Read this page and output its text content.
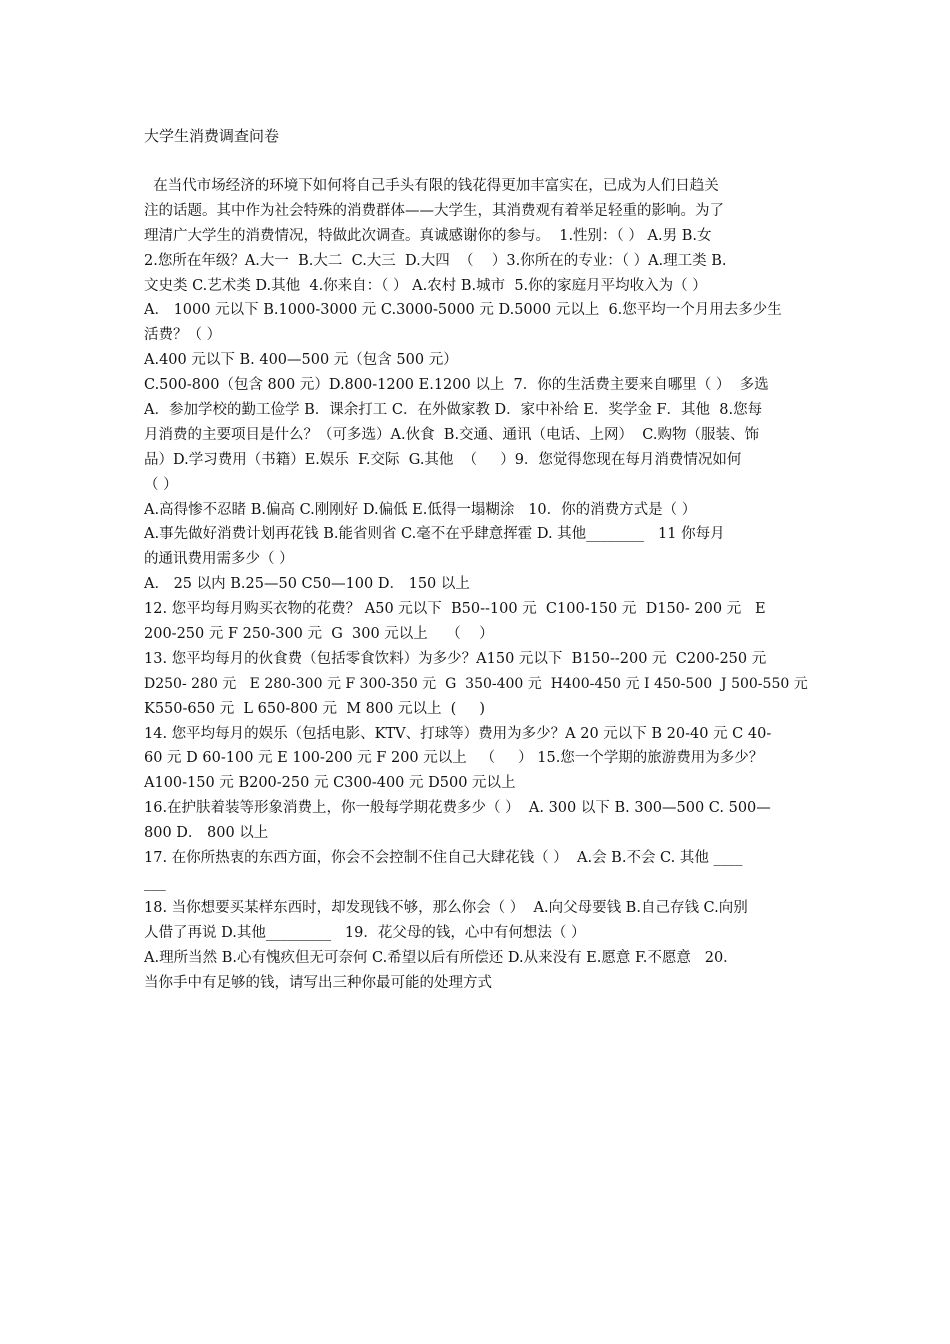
大学生消费调查问卷
在当代市场经济的环境下如何将自己手头有限的钱花得更加丰富实在，已成为人们日趋关
注的话题。其中作为社会特殊的消费群体——大学生，其消费观有着举足轻重的影响。为了
理清广大学生的消费情况，特做此次调查。真诚感谢你的参与。  1.性别：（ ） A.男 B.女
2.您所在年级？A.大一  B.大二  C.大三  D.大四  （    ）3.你所在的专业：（ ）A.理工类 B.
文史类 C.艺术类 D.其他  4.你来自：（ ） A.农村 B.城市  5.你的家庭月平均收入为（ ）
A． 1000 元以下 B.1000-3000 元 C.3000-5000 元 D.5000 元以上  6.您平均一个月用去多少生
活费？（ ）
A.400 元以下 B. 400—500 元（包含 500 元）
C.500-800（包含 800 元）D.800-1200 E.1200 以上  7．你的生活费主要来自哪里（ ）  多选
A．参加学校的勤工俭学 B．课余打工 C．在外做家教 D．家中补给 E．奖学金 F．其他  8.您每
月消费的主要项目是什么？（可多选）A.伙食  B.交通、通讯（电话、上网）  C.购物（服装、饰
品）D.学习费用（书籍）E.娱乐  F.交际  G.其他  （     ）9．您觉得您现在每月消费情况如何
（ ）
A.高得惨不忍睹 B.偏高 C.刚刚好 D.偏低 E.低得一塌糊涂   10．你的消费方式是（ ）
A.事先做好消费计划再花钱 B.能省则省 C.毫不在乎肆意挥霍 D. 其他________   11 你每月
的通讯费用需多少（ ）
A． 25 以内 B.25—50 C50—100 D． 150 以上
12. 您平均每月购买衣物的花费？ A50 元以下  B50--100 元  C100-150 元  D150- 200 元   E
200-250 元 F 250-300 元  G  300 元以上    （    ）
13. 您平均每月的伙食费（包括零食饮料）为多少？A150 元以下  B150--200 元  C200-250 元
D250- 280 元   E 280-300 元 F 300-350 元  G  350-400 元  H400-450 元 I 450-500  J 500-550 元
K550-650 元  L 650-800 元  M 800 元以上  (     )
14. 您平均每月的娱乐（包括电影、KTV、打球等）费用为多少？A 20 元以下 B 20-40 元 C 40-
60 元 D 60-100 元 E 100-200 元 F 200 元以上   （     ） 15.您一个学期的旅游费用为多少？
A100-150 元 B200-250 元 C300-400 元 D500 元以上
16.在护肤着装等形象消费上，你一般每学期花费多少（ ）  A. 300 以下 B. 300—500 C. 500—
800 D． 800 以上
17. 在你所热衷的东西方面，你会不会控制不住自己大肆花钱（ ）  A.会 B.不会 C. 其他 ____
___
18. 当你想要买某样东西时，却发现钱不够，那么你会（ ）  A.向父母要钱 B.自己存钱 C.向别
人借了再说 D.其他_________   19．花父母的钱，心中有何想法（ ）
A.理所当然 B.心有愧疚但无可奈何 C.希望以后有所偿还 D.从来没有 E.愿意 F.不愿意   20．
当你手中有足够的钱，请写出三种你最可能的处理方式
